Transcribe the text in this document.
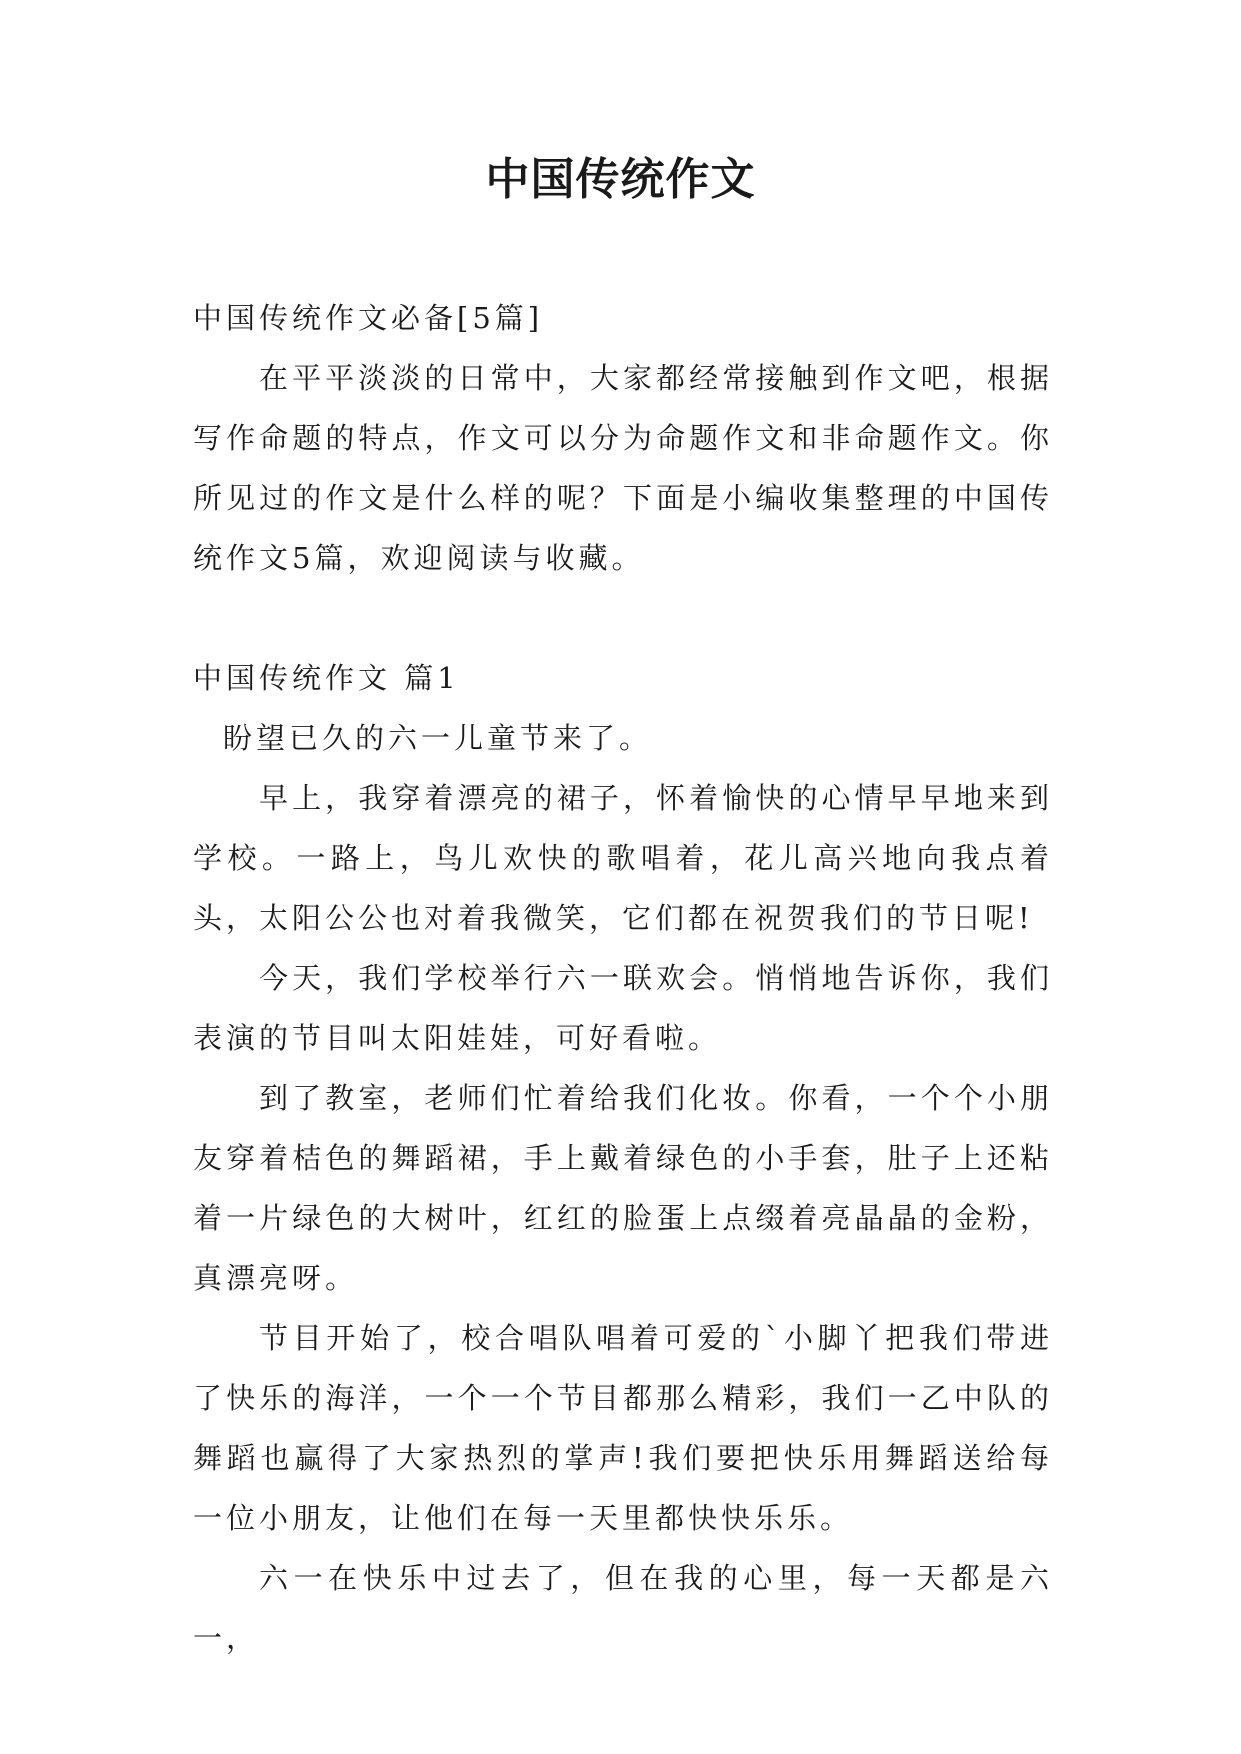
中国传统作文

中国传统作文必备[5篇]

在平平淡淡的日常中，大家都经常接触到作文吧，根据写作命题的特点，作文可以分为命题作文和非命题作文。你所见过的作文是什么样的呢？下面是小编收集整理的中国传统作文5篇，欢迎阅读与收藏。

中国传统作文 篇1

盼望已久的六一儿童节来了。

早上，我穿着漂亮的裙子，怀着愉快的心情早早地来到学校。一路上，鸟儿欢快的歌唱着，花儿高兴地向我点着头，太阳公公也对着我微笑，它们都在祝贺我们的节日呢!

今天，我们学校举行六一联欢会。悄悄地告诉你，我们表演的节目叫太阳娃娃，可好看啦。

到了教室，老师们忙着给我们化妆。你看，一个个小朋友穿着桔色的舞蹈裙，手上戴着绿色的小手套，肚子上还粘着一片绿色的大树叶，红红的脸蛋上点缀着亮晶晶的金粉，真漂亮呀。

节目开始了，校合唱队唱着可爱的`小脚丫把我们带进了快乐的海洋，一个一个节目都那么精彩，我们一乙中队的舞蹈也赢得了大家热烈的掌声!我们要把快乐用舞蹈送给每一位小朋友，让他们在每一天里都快快乐乐。

六一在快乐中过去了，但在我的心里，每一天都是六一，
